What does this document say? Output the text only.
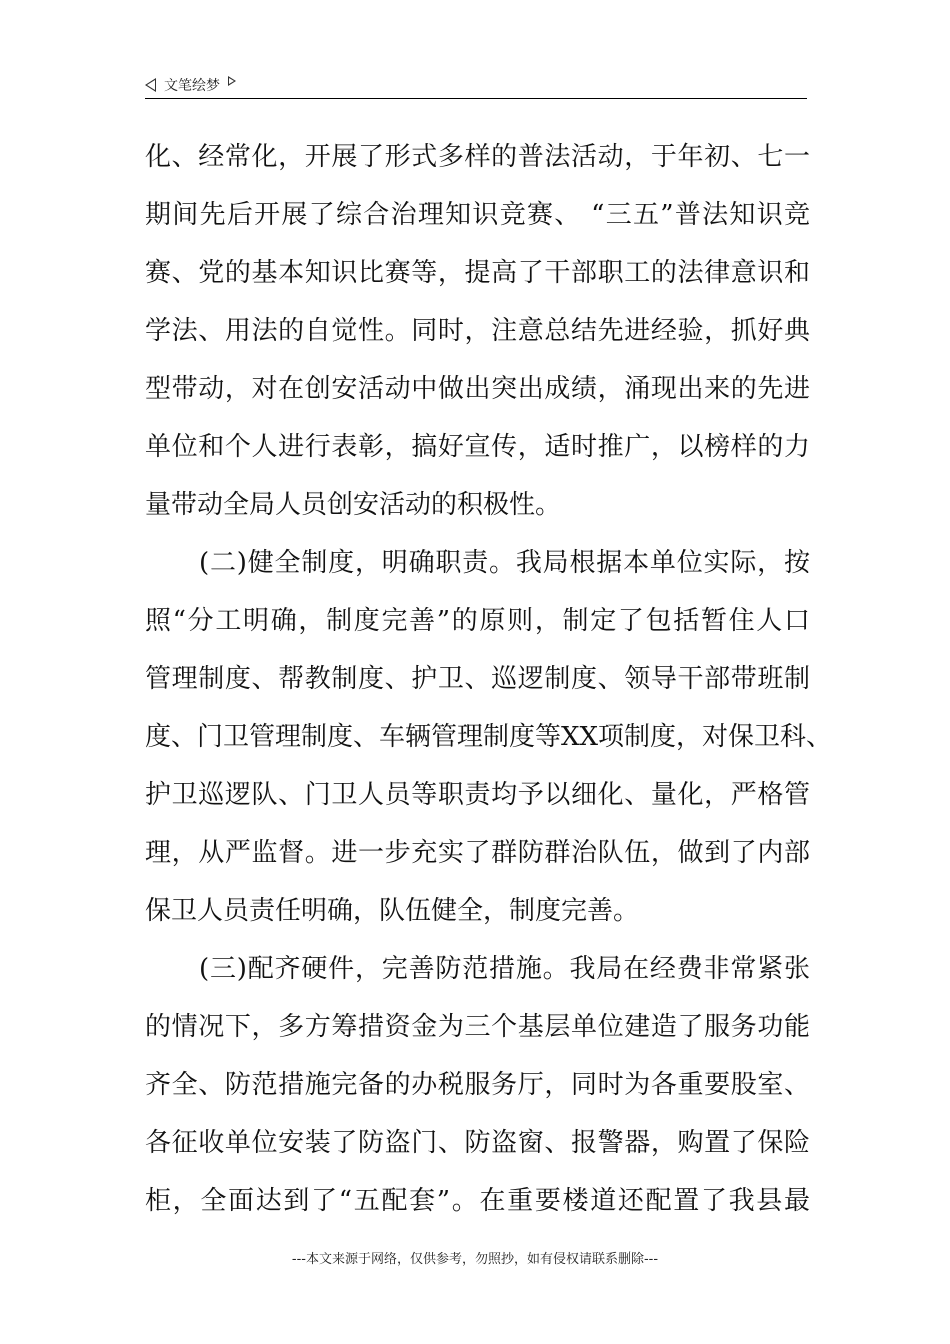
文笔绘梦
化、经常化，开展了形式多样的普法活动，于年初、七一
期间先后开展了综合治理知识竞赛、 “三五”普法知识竞
赛、党的基本知识比赛等，提高了干部职工的法律意识和
学法、用法的自觉性。同时，注意总结先进经验，抓好典
型带动，对在创安活动中做出突出成绩，涌现出来的先进
单位和个人进行表彰，搞好宣传，适时推广，以榜样的力
量带动全局人员创安活动的积极性。
(二)健全制度，明确职责。我局根据本单位实际，按
照“分工明确，制度完善”的原则，制定了包括暂住人口
管理制度、帮教制度、护卫、巡逻制度、领导干部带班制
度、门卫管理制度、车辆管理制度等XX项制度，对保卫科、
护卫巡逻队、门卫人员等职责均予以细化、量化，严格管
理，从严监督。进一步充实了群防群治队伍，做到了内部
保卫人员责任明确，队伍健全，制度完善。
(三)配齐硬件，完善防范措施。我局在经费非常紧张
的情况下，多方筹措资金为三个基层单位建造了服务功能
齐全、防范措施完备的办税服务厅，同时为各重要股室、
各征收单位安装了防盗门、防盗窗、报警器，购置了保险
柜，全面达到了“五配套”。在重要楼道还配置了我县最
---本文来源于网络，仅供参考，勿照抄，如有侵权请联系删除---
